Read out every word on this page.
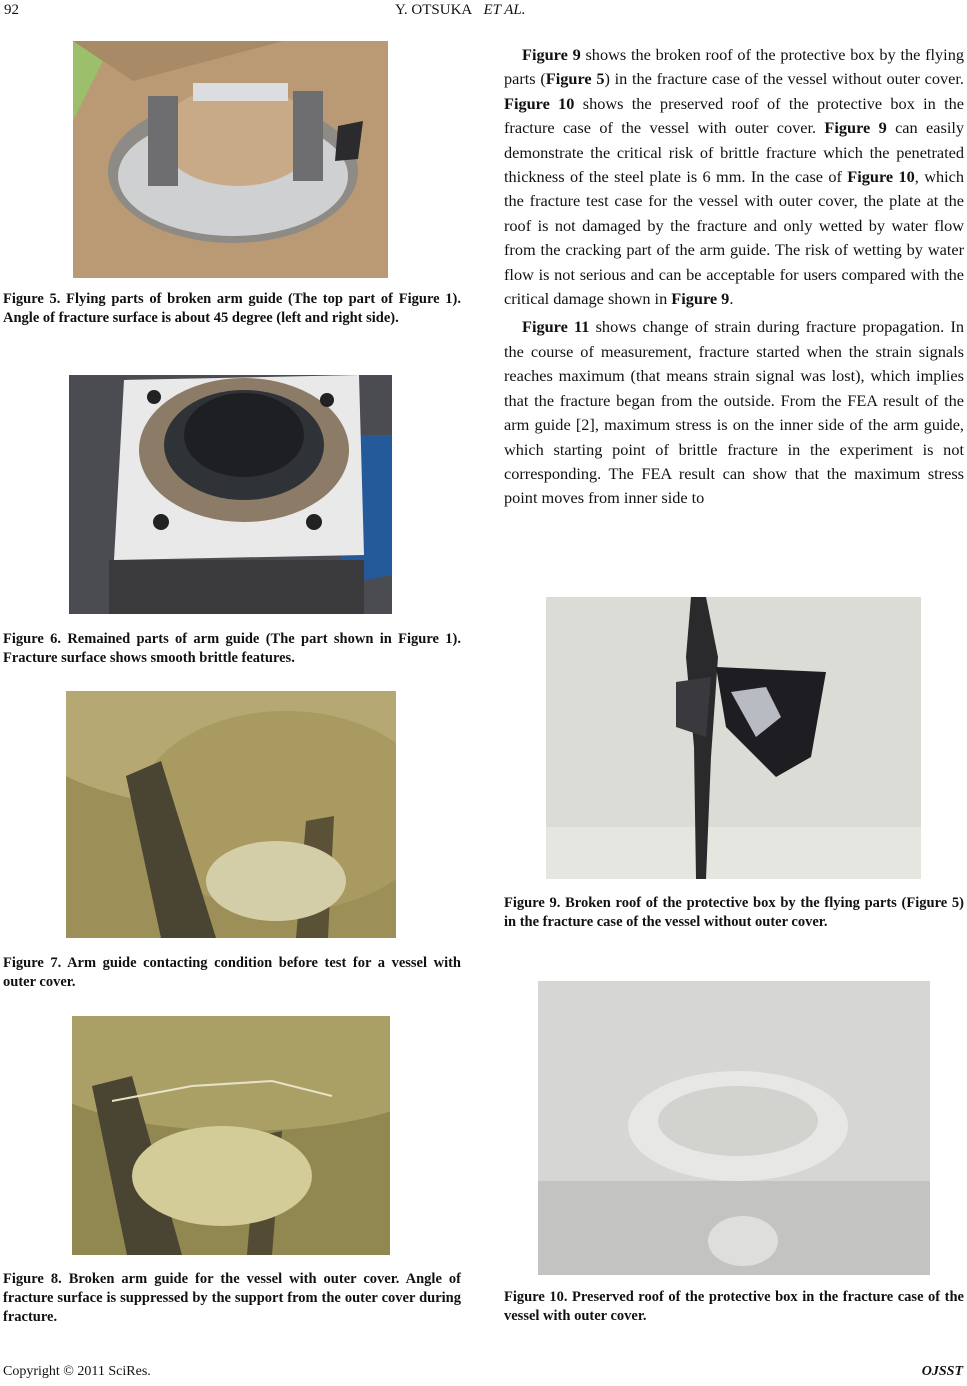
92	Y. OTSUKA ET AL.
Figure 5. Flying parts of broken arm guide (The top part of Figure 1). Angle of fracture surface is about 45 degree (left and right side).
Figure 6. Remained parts of arm guide (The part shown in Figure 1). Fracture surface shows smooth brittle features.
Figure 7. Arm guide contacting condition before test for a vessel with outer cover.
Figure 8. Broken arm guide for the vessel with outer cover. Angle of fracture surface is suppressed by the support from the outer cover during fracture.

Figure 9 shows the broken roof of the protective box by the flying parts (Figure 5) in the fracture case of the vessel without outer cover. Figure 10 shows the preserved roof of the protective box in the fracture case of the vessel with outer cover. Figure 9 can easily demonstrate the critical risk of brittle fracture which the penetrated thickness of the steel plate is 6 mm. In the case of Figure 10, which the fracture test case for the vessel with outer cover, the plate at the roof is not damaged by the fracture and only wetted by water flow from the cracking part of the arm guide. The risk of wetting by water flow is not serious and can be acceptable for users compared with the critical damage shown in Figure 9.

Figure 11 shows change of strain during fracture propagation. In the course of measurement, fracture started when the strain signals reaches maximum (that means strain signal was lost), which implies that the fracture began from the outside. From the FEA result of the arm guide [2], maximum stress is on the inner side of the arm guide, which starting point of brittle fracture in the experiment is not corresponding. The FEA result can show that the maximum stress point moves from inner side to

Figure 9. Broken roof of the protective box by the flying parts (Figure 5) in the fracture case of the vessel without outer cover.
Figure 10. Preserved roof of the protective box in the fracture case of the vessel with outer cover.
Copyright © 2011 SciRes.	OJSST
